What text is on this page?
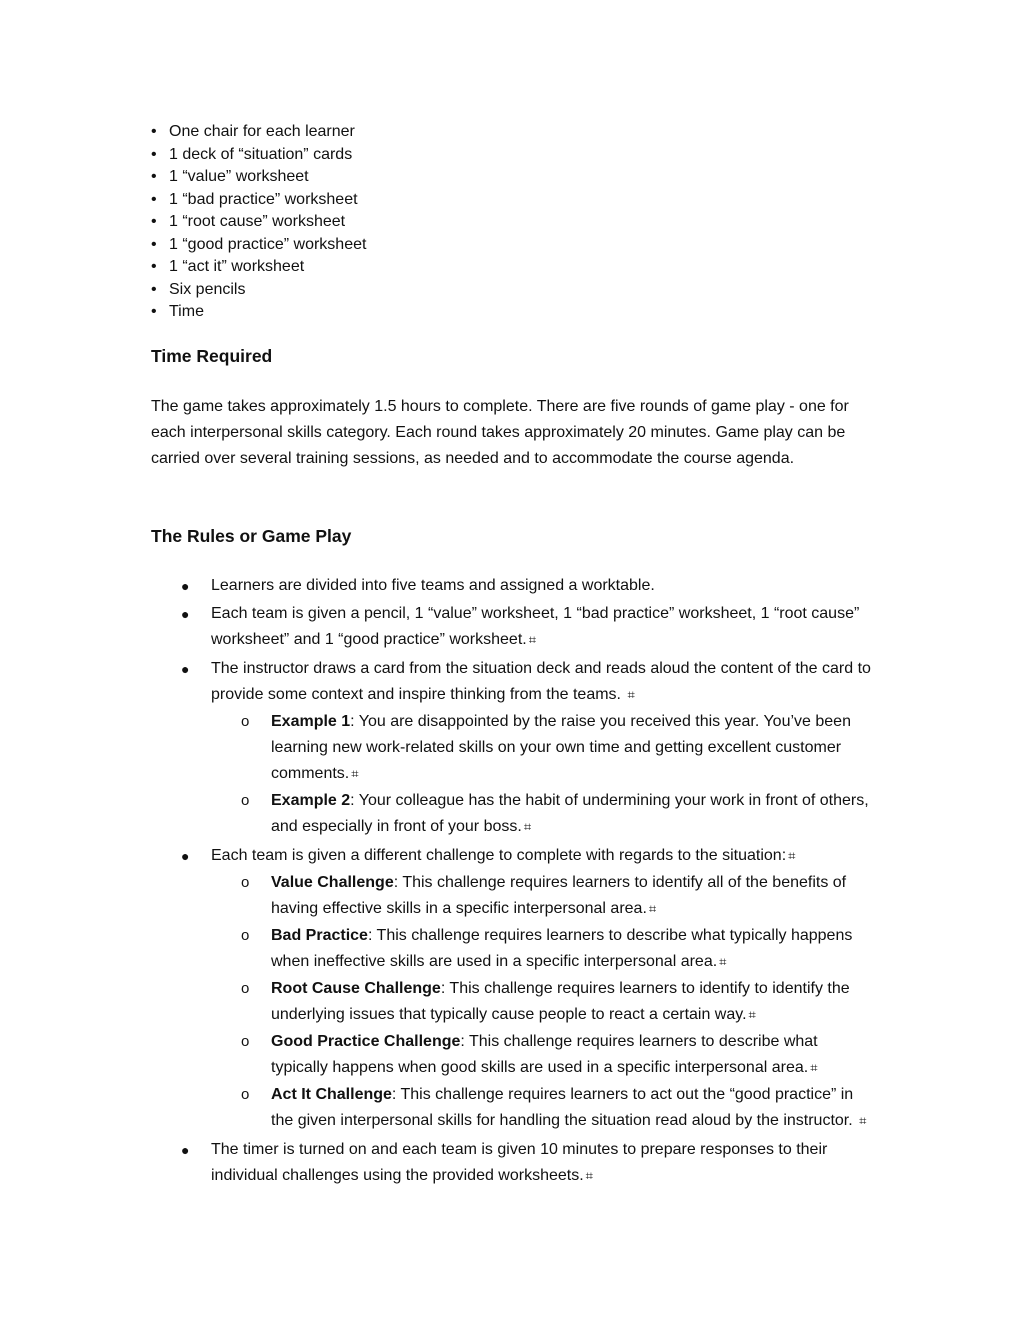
• One chair for each learner
• 1 deck of “situation” cards
• 1 “value” worksheet
• 1 “bad practice” worksheet
• 1 “root cause” worksheet
• 1 “good practice” worksheet
• 1 “act it” worksheet
• Six pencils
• Time
Time Required

The game takes approximately 1.5 hours to complete. There are five rounds of game play - one for each interpersonal skills category. Each round takes approximately 20 minutes. Game play can be carried over several training sessions, as needed and to accommodate the course agenda.

The Rules or Game Play
● Learners are divided into five teams and assigned a worktable.
● Each team is given a pencil, 1 “value” worksheet, 1 “bad practice” worksheet, 1 “root cause” worksheet” and 1 “good practice” worksheet. ⌗
● The instructor draws a card from the situation deck and reads aloud the content of the card to provide some context and inspire thinking from the teams. ⌗
o Example 1: You are disappointed by the raise you received this year. You’ve been learning new work-related skills on your own time and getting excellent customer comments. ⌗
o Example 2: Your colleague has the habit of undermining your work in front of others, and especially in front of your boss. ⌗
● Each team is given a different challenge to complete with regards to the situation: ⌗
o Value Challenge: This challenge requires learners to identify all of the benefits of having effective skills in a specific interpersonal area. ⌗
o Bad Practice: This challenge requires learners to describe what typically happens when ineffective skills are used in a specific interpersonal area. ⌗
o Root Cause Challenge: This challenge requires learners to identify to identify the underlying issues that typically cause people to react a certain way. ⌗
o Good Practice Challenge: This challenge requires learners to describe what typically happens when good skills are used in a specific interpersonal area. ⌗
o Act It Challenge: This challenge requires learners to act out the “good practice” in the given interpersonal skills for handling the situation read aloud by the instructor. ⌗
● The timer is turned on and each team is given 10 minutes to prepare responses to their individual challenges using the provided worksheets. ⌗
